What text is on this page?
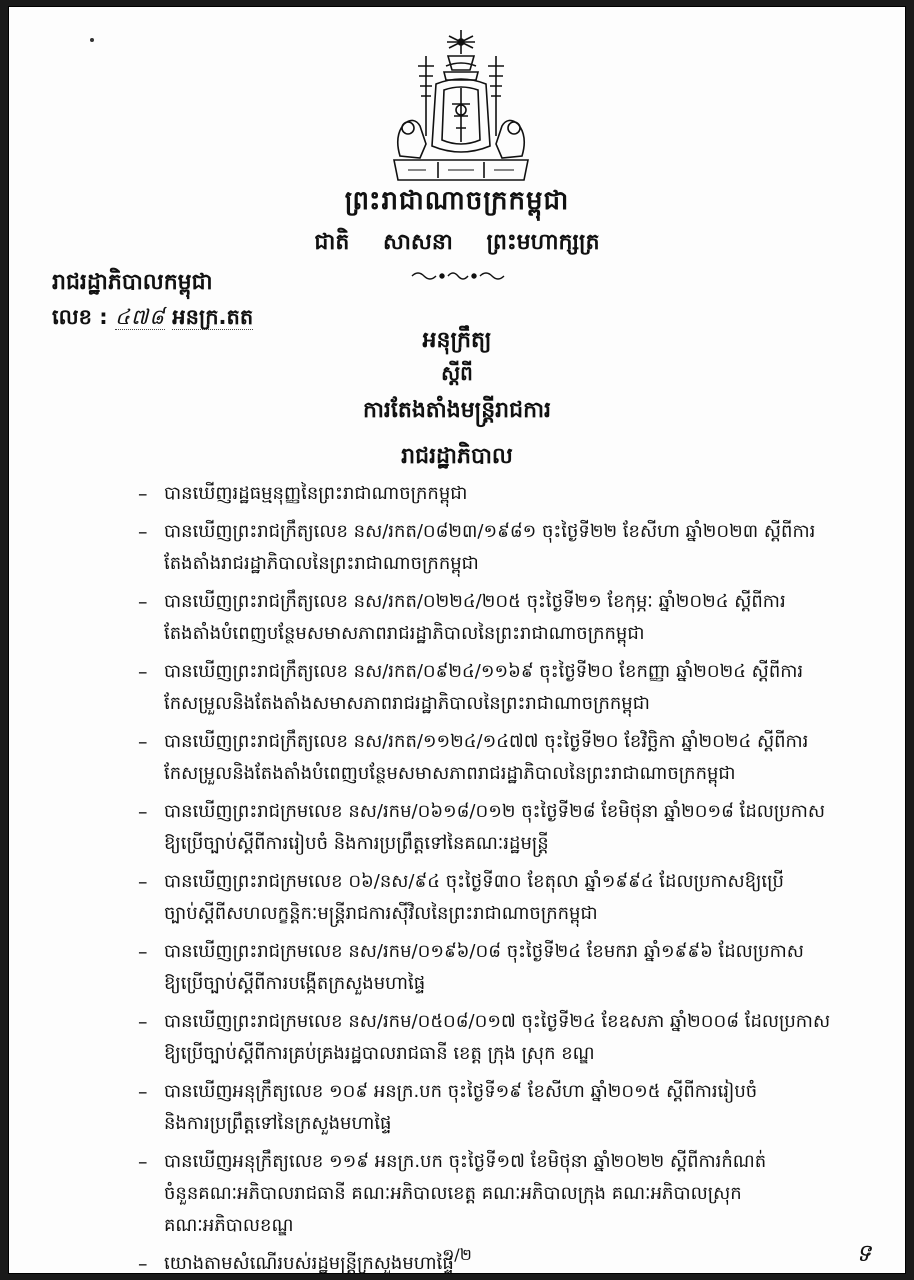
ព្រះរាជាណាចក្រកម្ពុជា
ជាតិ សាសនា ព្រះមហាក្សត្រ
រាជរដ្ឋាភិបាលកម្ពុជា
លេខ : ៤៧៨ អនក្រ.តត
អនុក្រឹត្យ
ស្តីពី
ការតែងតាំងមន្ត្រីរាជការ
រាជរដ្ឋាភិបាល
– បានឃើញរដ្ឋធម្មនុញ្ញនៃព្រះរាជាណាចក្រកម្ពុជា
– បានឃើញព្រះរាជក្រឹត្យលេខ នស/រកត/០៨២៣/១៩៨១ ចុះថ្ងៃទី២២ ខែសីហា ឆ្នាំ២០២៣ ស្តីពីការ
តែងតាំងរាជរដ្ឋាភិបាលនៃព្រះរាជាណាចក្រកម្ពុជា
– បានឃើញព្រះរាជក្រឹត្យលេខ នស/រកត/០២២៤/២០៥ ចុះថ្ងៃទី២១ ខែកុម្ភៈ ឆ្នាំ២០២៤ ស្តីពីការ
តែងតាំងបំពេញបន្ថែមសមាសភាពរាជរដ្ឋាភិបាលនៃព្រះរាជាណាចក្រកម្ពុជា
– បានឃើញព្រះរាជក្រឹត្យលេខ នស/រកត/០៩២៤/១១៦៩ ចុះថ្ងៃទី២០ ខែកញ្ញា ឆ្នាំ២០២៤ ស្តីពីការ
កែសម្រួលនិងតែងតាំងសមាសភាពរាជរដ្ឋាភិបាលនៃព្រះរាជាណាចក្រកម្ពុជា
– បានឃើញព្រះរាជក្រឹត្យលេខ នស/រកត/១១២៤/១៤៧៧ ចុះថ្ងៃទី២០ ខែវិច្ឆិកា ឆ្នាំ២០២៤ ស្តីពីការ
កែសម្រួលនិងតែងតាំងបំពេញបន្ថែមសមាសភាពរាជរដ្ឋាភិបាលនៃព្រះរាជាណាចក្រកម្ពុជា
– បានឃើញព្រះរាជក្រមលេខ នស/រកម/០៦១៨/០១២ ចុះថ្ងៃទី២៨ ខែមិថុនា ឆ្នាំ២០១៨ ដែលប្រកាស
ឱ្យប្រើច្បាប់ស្តីពីការរៀបចំ និងការប្រព្រឹត្តទៅនៃគណៈរដ្ឋមន្ត្រី
– បានឃើញព្រះរាជក្រមលេខ ០៦/នស/៩៤ ចុះថ្ងៃទី៣០ ខែតុលា ឆ្នាំ១៩៩៤ ដែលប្រកាសឱ្យប្រើ
ច្បាប់ស្តីពីសហលក្ខន្តិកៈមន្ត្រីរាជការស៊ីវិលនៃព្រះរាជាណាចក្រកម្ពុជា
– បានឃើញព្រះរាជក្រមលេខ នស/រកម/០១៩៦/០៨ ចុះថ្ងៃទី២៤ ខែមករា ឆ្នាំ១៩៩៦ ដែលប្រកាស
ឱ្យប្រើច្បាប់ស្តីពីការបង្កើតក្រសួងមហាផ្ទៃ
– បានឃើញព្រះរាជក្រមលេខ នស/រកម/០៥០៨/០១៧ ចុះថ្ងៃទី២៤ ខែឧសភា ឆ្នាំ២០០៨ ដែលប្រកាស
ឱ្យប្រើច្បាប់ស្តីពីការគ្រប់គ្រងរដ្ឋបាលរាជធានី ខេត្ត ក្រុង ស្រុក ខណ្ឌ
– បានឃើញអនុក្រឹត្យលេខ ១០៩ អនក្រ.បក ចុះថ្ងៃទី១៩ ខែសីហា ឆ្នាំ២០១៥ ស្តីពីការរៀបចំ
និងការប្រព្រឹត្តទៅនៃក្រសួងមហាផ្ទៃ
– បានឃើញអនុក្រឹត្យលេខ ១១៩ អនក្រ.បក ចុះថ្ងៃទី១៧ ខែមិថុនា ឆ្នាំ២០២២ ស្តីពីការកំណត់
ចំនួនគណៈអភិបាលរាជធានី គណៈអភិបាលខេត្ត គណៈអភិបាលក្រុង គណៈអភិបាលស្រុក
គណៈអភិបាលខណ្ឌ
– យោងតាមសំណើរបស់រដ្ឋមន្ត្រីក្រសួងមហាផ្ទៃ
១/២	ទ
